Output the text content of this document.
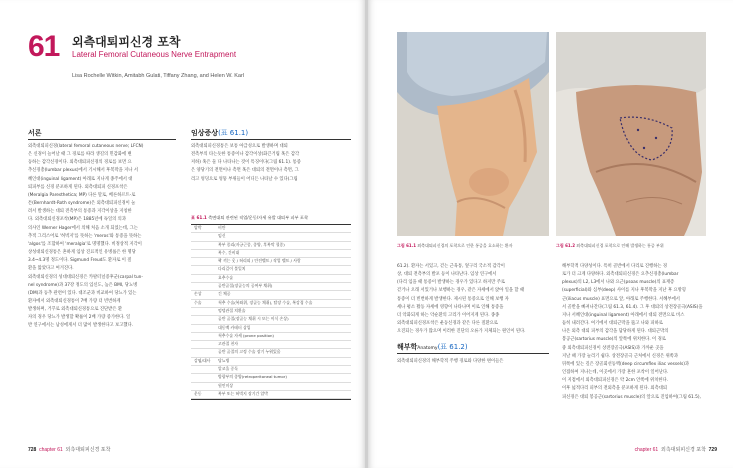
61 외측대퇴피신경 포착
Lateral Femoral Cutaneous Nerve Entrapment
Lisa Rochelle Witkin, Amitabh Gulati, Tiffany Zhang, and Helen W. Karl
서론
외측대퇴피신경(lateral femoral cutaneous nerve; LFCN)
은 신경이 늘어날 때 그 경로를 따라 생길의 민감화에 변
동하는 감각신경이다. 외측대퇴피신경의 경로를 보면 요
추신경총(lumbar plexus)에서 기시해서 후복막을 지나 서
혜인대(inguinal ligament) 아래로 지나게 종주에서 대
퇴피부를 신경 분포하게 된다. 외측대퇴피 신경포착은
(Meralgia Paresthetica; MP) 다른 말로, 베른하르트-로
튼(Bernhardt-Roth syndrome)은 외측대퇴피신경이 눌
려서 발생하는 대퇴 전측부의 통증과 지각이상을 지칭한
다. 외측대퇴신경포착(MP)은 1885년에 독일의 의과
의사인 Werner Hager에서 의해 처음 소개 되었는데, 그는
추적 그리스어로 '허벅지'를 뜻하는 'meros'와 통증을 뜻하는
'algos'를 조합하여 'meralgia'로 명명했다. 비정상적 지각이
상성대퇴신경통은 흔하게 임상 진료적인 유병률은 한 명당
3.4~4.3명 정도이다. Sigmund Freud도 환자로 이 질
환을 앓았다고 여겨진다.
외측대퇴신경의 성대대퇴신경은 카팔터널증후군(carpal tun-
nel syndrome)과 37강 정도의 입신도, 높은 BMI, 당뇨병
(DM)과 동추 관련이 있다. 대조군과 비교하여 당뇨가 있는
환자에서 외측대퇴신경통이 7배 가량 더 빈번하게
발생하며, 거꾸로 외측대퇴신경통으로 진단받은 환
자의 경우 당뇨가 발생할 확률이 2배 가량 증가한다. 일
반 연구에서는 남성에게서 더 많이 발생한다고 보고했다.
임상증상(표 61.1)
외측대퇴피신경통은 보통 아급성으로 발생하며 대퇴
전측부의 타는듯한 통증이나 감각이상(화끈거림 혹은 감각
저하) 혹은 둘 다 나타나는 것이 특징이다(그림 61.1). 통증
은 양당기의 전면이나 측면 혹은 대퇴의 전면이나 측면, 그
리고 엉덩으로 엉뚱 부위들이 어디든 나타날 수 있다(그림
표 61.1 측면대퇴 관련된 직업/운동/자세 유발 대퇴부 피부 포착
압박	비만
임신
복부 종괴(자궁근종, 종양, 후복막 혈종)
복수, 간비대
꽉 끼는 옷 / 허리띠 / 안전벨트 / 작업 벨트 / 사람
다리길이 불일치
요추수술
골반골절(장골능의 공여부 채취)
손상	긴 체공
수술	척추 수술(복와위, 장골능 채취), 탈장 수술, 복강경 수술
엉덩관절 치환술
골반 골절(장골능 채취 시 또는 이식 손상)
대동맥 카테터 삽입
척추수술 자세 (prone position)
고관절 천자
골반 골절의 고정 수술 장기 누워있음
감염/대사	당뇨병
알코올 중독
방광부의 종양(retroperitoneal tumor)
원인미상
운동	복부 또는 허벅지 장기간 압박
728 chapter 61 외측대퇴피신경 포착
그림 61.1 외측대퇴피신경의 포착으로 인한 통증을 호소하는 환자	그림 61.2 외측대퇴피신경 포착으로 인해 발생하는 통증 부위
61.2). 환자는 서있고, 걷는 근육통, 엎구리 국소적 감각이
상, 대퇴 전측부의 발포 등이 나타난다. 임상 연구에서
(다리 임을 때 통증이 발생하는 경우가 있다고 하지만 주로
걷거나 오래 서있거나 보행하는 경우, 같은 자세에서 앉아 일을 할 때
통증이 더 빈번하게 발생한다. 제시된 통증으로 인해 보행 자
세나 평소 활동 자세에 영향이 나타나며 이로 인해 통증을
더 악화되게 하는 악순환의 고리가 이어지게 된다. 종종
외측대퇴피신경포착은 운동신경과 같은 다른 질환으로
오진되는 경우가 많으며 이러한 진단의 오류가 지체되는 원인이 된다.
해부학Anatomy(표 61.2)
외측대퇴피신경의 해부학적 주행 경로와 다양한 변이들은
해부학적 다양성이다. 특히 골반에서 다리로 진행하는 경
로가 더 크게 다양하다. 외측대퇴피신경은 요추신경총(lumbar
plexus)의 L2, L3에서 나와 요근(psoas muscle)의 표재층
(superficial)와 심부(deep) 사이를 지나 후복막을 지난 후 요방형
근(iliacus muscle) 표면으로 앞, 아래로 주행한다. 서혜부에서
서 골반을 빠져나간다(그림 61.3, 61.4). 그 후 대퇴의 상전장골극(ASIS)을
지나 서혜인대(inguinal ligament) 아래에서 대퇴 전면으로 비스
듬히 내려간다. 여기에서 대퇴근막을 뚫고 나와 피하로
나온 외측 대퇴 피부의 감각을 담당하게 된다. 대퇴근막의
봉공근(sartorius muscle)의 앞쪽에 위치한다. 이 경로
중 외측대퇴피신경이 상전장골극(ASIS)과 가까운 곳을
지날 때 가장 눌리기 쉽다. 상전장골극 근처에서 신경은 위쪽과
뒤쪽에 있는 깊은 장골회선동맥(deep circumflex iliac vessels)과
인접하여 지나는데, 이곳에서 가장 흔한 포착이 일어난다.
이 지점에서 외측대퇴피신경은 약 2cm 안쪽에 위치한다.
이후 넓적다리 피부의 전외측을 분포하게 된다. 외측대퇴
피신경은 대퇴 봉공근(sartorius muscle)의 앞으로 진입하여(그림 61.5),
chapter 61 외측대퇴피신경 포착 729
